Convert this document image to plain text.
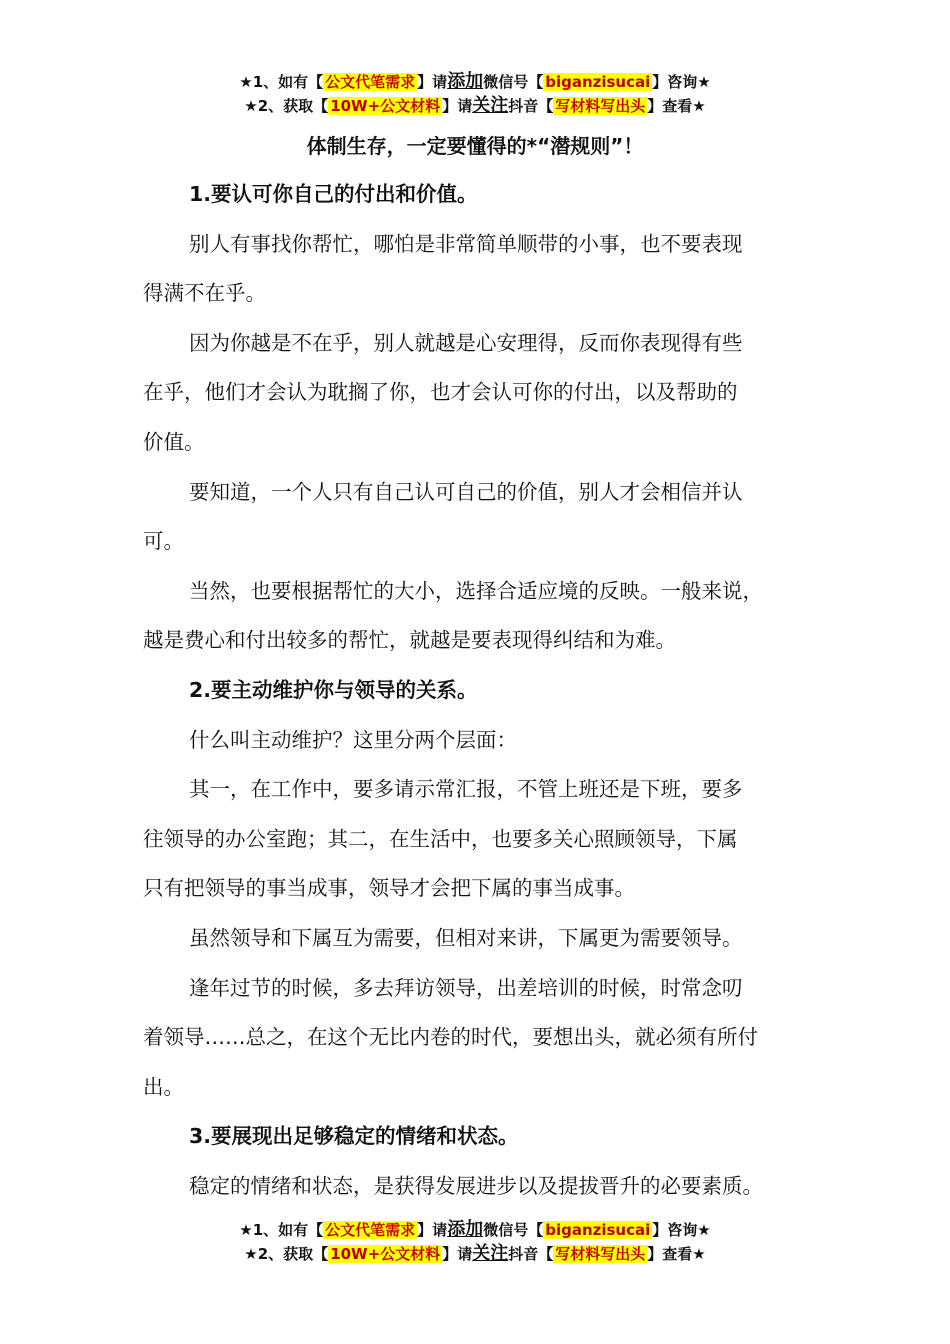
★1、如有【 公文代笔需求 】请添加微信号【 biganzisucai 】咨询★
★2、获取【 10W+公文材料 】请关注抖音【 写材料写出头 】查看★
体制生存，一定要懂得的*“潜规则”！

1.要认可你自己的付出和价值。

别人有事找你帮忙，哪怕是非常简单顺带的小事，也不要表现

得满不在乎。

因为你越是不在乎，别人就越是心安理得，反而你表现得有些

在乎，他们才会认为耽搁了你，也才会认可你的付出，以及帮助的

价值。

要知道，一个人只有自己认可自己的价值，别人才会相信并认

可。

当然，也要根据帮忙的大小，选择合适应境的反映。一般来说，

越是费心和付出较多的帮忙，就越是要表现得纠结和为难。

2.要主动维护你与领导的关系。

什么叫主动维护？这里分两个层面：

其一，在工作中，要多请示常汇报，不管上班还是下班，要多

往领导的办公室跑；其二，在生活中，也要多关心照顾领导，下属

只有把领导的事当成事，领导才会把下属的事当成事。

虽然领导和下属互为需要，但相对来讲，下属更为需要领导。

逢年过节的时候，多去拜访领导，出差培训的时候，时常念叨

着领导……总之，在这个无比内卷的时代，要想出头，就必须有所付

出。

3.要展现出足够稳定的情绪和状态。

稳定的情绪和状态，是获得发展进步以及提拔晋升的必要素质。

★1、如有【 公文代笔需求 】请添加微信号【 biganzisucai 】咨询★
★2、获取【 10W+公文材料 】请关注抖音【 写材料写出头 】查看★
